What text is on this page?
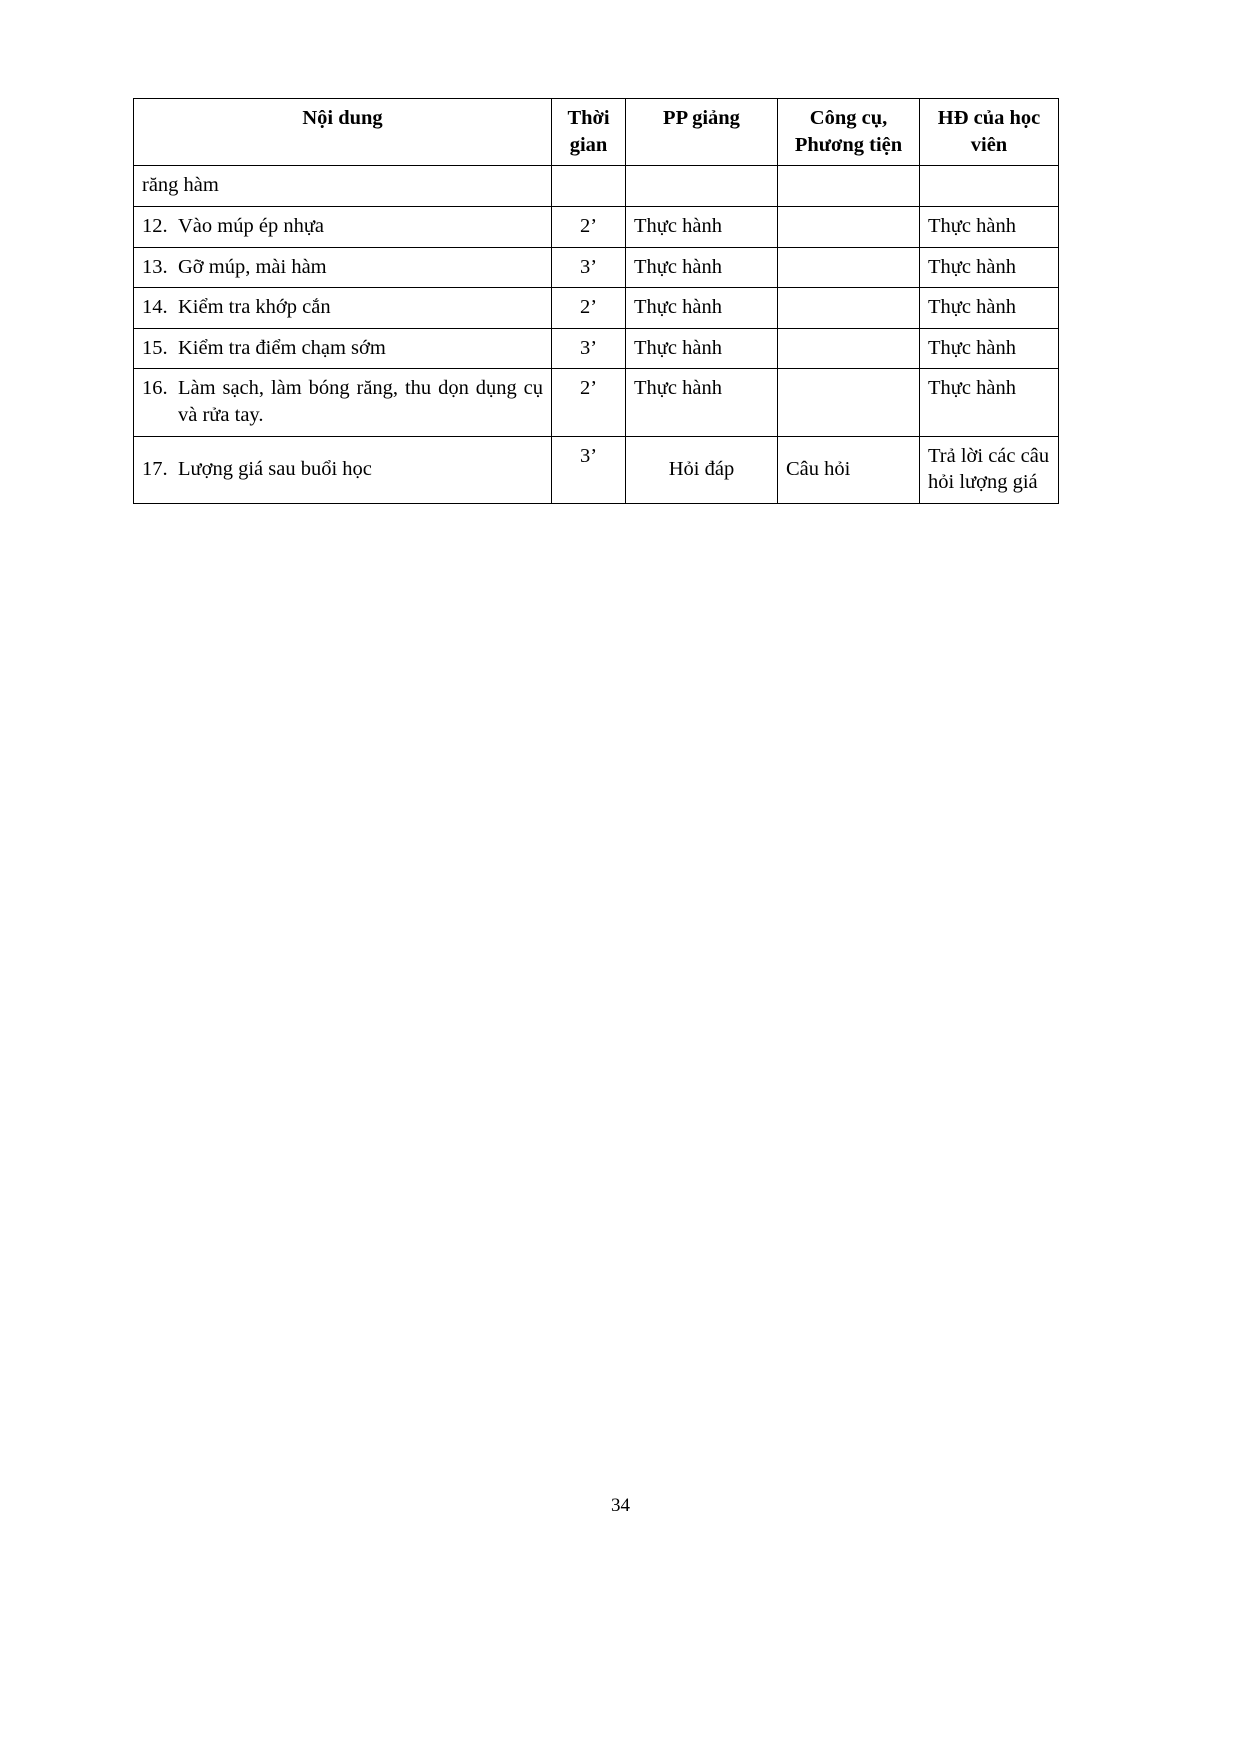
Nội dung	Thời gian	PP giảng	Công cụ, Phương tiện	HĐ của học viên
răng hàm				

12. Vào múp ép nhựa	2’	Thực hành		Thực hành

13. Gỡ múp, mài hàm	3’	Thực hành		Thực hành

14. Kiểm tra khớp cắn	2’	Thực hành		Thực hành

15. Kiểm tra điểm chạm sớm	3’	Thực hành		Thực hành

16. Làm sạch, làm bóng răng, thu dọn dụng cụ và rửa tay.	2’	Thực hành		Thực hành

17. Lượng giá sau buổi học	3’	Hỏi đáp	Câu hỏi	Trả lời các câu hỏi lượng giá
34
